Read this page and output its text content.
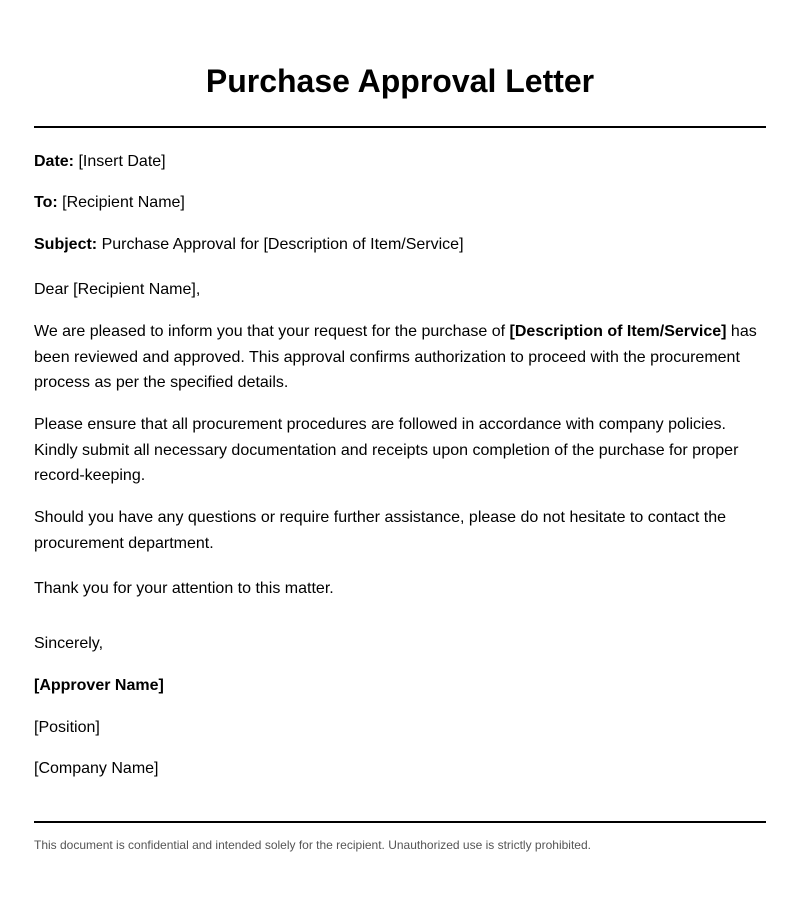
Purchase Approval Letter

Date: [Insert Date]

To: [Recipient Name]

Subject: Purchase Approval for [Description of Item/Service]

Dear [Recipient Name],

We are pleased to inform you that your request for the purchase of [Description of Item/Service] has been reviewed and approved. This approval confirms authorization to proceed with the procurement process as per the specified details.

Please ensure that all procurement procedures are followed in accordance with company policies. Kindly submit all necessary documentation and receipts upon completion of the purchase for proper record-keeping.

Should you have any questions or require further assistance, please do not hesitate to contact the procurement department.

Thank you for your attention to this matter.

Sincerely,

[Approver Name]

[Position]

[Company Name]

This document is confidential and intended solely for the recipient. Unauthorized use is strictly prohibited.
